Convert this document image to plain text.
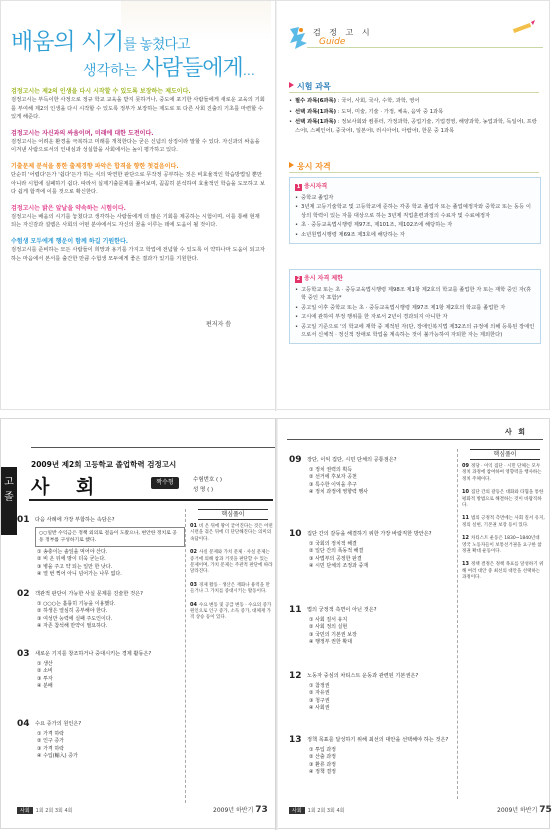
배움의 시기를 놓쳤다고
생각하는 사람들에게…
검정고시는 제2의 인생을 다시 시작할 수 있도록 보장하는 제도이다.
검정고시는 부득이한 사정으로 정규 학교 교육을 받지 못하거나, 중도에 포기한 사람들에게 새로운 교육의 기회를 부여해 제2의 인생을 다시 시작할 수 있도록 정부가 보장하는 제도로 또 다른 사회 진출의 기초를 마련할 수 있게 해준다.
검정고시는 자신과의 싸움이며, 미래에 대한 도전이다.
검정고시는 어려운 환경을 극복하고 미래를 개척한다는 굳은 신념의 상징이라 말할 수 있다. 자신과의 싸움을 이겨낸 사람으로서의 인내심과 성실함을 사회에서는 높이 평가하고 있다.
기출문제 분석을 통한 출제경향 파악은 합격을 향한 첫걸음이다.
단순히 '어렵다'든가 '쉽다'든가 하는 식의 막연한 판단으로 무작정 공부하는 것은 비효율적인 학습방법일 뿐만 아니라 시험에 실패하기 쉽다. 따라서 실제기출문제를 풀어보며, 꼼꼼히 분석하여 효율적인 학습을 도모하고 보다 쉽게 합격에 이를 것으로 확신한다.
검정고시는 밝은 앞날을 약속하는 시험이다.
검정고시는 배움의 시기를 놓쳤다고 생각하는 사람들에게 더 많은 기회를 제공하는 시험이며, 이를 통해 현재 되는 자신감과 설렘은 사회의 어떤 분야에서도 자신의 꿈을 이루는 데에 도움이 될 것이다.
수험생 모두에게 행운이 함께 하길 기원한다.
검정고시를 준비하는 모든 사람들이 희망과 용기를 가지고 학업에 전념할 수 있도록 이 약하나마 도움이 되고자 하는 마음에서 본서를 출간한 만큼 수험생 모두에게 좋은 결과가 있기를 기원한다.
편저자 씀
검 정 고 시
Guide
시험 과목
• 필수 과목(6과목) : 국어, 사회, 국사, 수학, 과학, 영어
• 선택 과목(1과목) : 도덕, 미술, 기술 · 가정, 체육, 음악 중 1과목
• 선택 과목(1과목) : 정보사회와 컴퓨터, 가정과학, 공업기술, 기업경영, 해양과학, 농업과학, 독일어I, 프랑스어I, 스페인어I, 중국어I, 일본어I, 러시아어I, 아랍어I, 한문 중 1과목
응시 자격
1 응시자격
• 중학교 졸업자
• 3년제 고등기술학교 및 고등학교에 준하는 각종 학교 졸업자 또는 졸업예정자와 중학교 또는 동등 이상의 학력이 있는 자를 대상으로 하는 3년제 직업훈련과정의 수료자 및 수료예정자
• 초 · 중등교육법시행령 제97조, 제101조, 제102조에 해당하는 자
• 소년원법시행령 제69조 제3호에 해당하는 자
2 응시 자격 제한
• 고등학교 또는 초 · 중등교육법시행령 제98조 제1항 제2호의 학교를 졸업한 자 또는 재학 중인 자(휴학 중인 자 포함)*
• 공고일 이후 중학교 또는 초 · 중등교육법시행령 제97조 제1항 제2호의 학교를 졸업한 자
• 고시에 관하여 부정 행위를 한 자로서 2년이 경과되지 아니한 자
• 공고일 기준으로 '의 학교에 재학 중 제적된 자(단, 장애인복지법 제32조의 규정에 의해 등록된 장애인으로서 신체적 · 정신적 장애로 학업을 계속하는 것이 불가능하여 자퇴한 자는 제외한다)
고
졸
2009년 제2회 고등학교 졸업학력 검정고시
사 회	짝수형	수험번호 ( )
성 명 ( )
01 다음 사례에 가장 부합하는 속담은?
○○일반 수익금은 정책 외의로 걸음이 도왔으나, 현안한 정치로 공동 정부를 구성하기로 했다.
① 송충이는 솔잎을 먹어야 산다.
② 비 온 뒤에 땅이 더욱 굳는다.
③ 병을 주고 약 되는 일만 한 낫다.
④ 열 번 찍어 아니 넘어가는 나무 없다.
02 객관적 판단이 가능한 사실 문제를 진술한 것은?
① ○○○는 훌륭히 기능을 이용했다.
② 하생은 열심히 공부해야 한다.
③ 여성만 능력에 실패 주도인이다.
④ 자존 참석해 만약이 필요하다.
03 새로운 기지를 창조하거나 중대시키는 경제 활동은?
① 생산
② 소비
③ 투자
④ 분배
04 수요 증가의 원인은?
① 가격 하락
② 인구 증가
③ 가격 하락
④ 수입(輸入) 증가
핵심풀이
01 비 온 뒤에 땅이 굳어진다는 것은 어떤 시련을 겪은 뒤에 더 단단해진다는 의미의 속담이다.
02 사실 문제와 가치 문제 · 사실 문제는 증거에 의해 참과 거짓을 판단할 수 있는 문제이며, 가치 문제는 주관적 판단에 따라 달라진다.
03 경제 활동 · 생산은 재화나 용역을 만들거나 그 가치를 증대시키는 활동이다.
04 수요 변동 및 공급 변동 · 수요의 증가 원인으로 인구 증가, 소득 증가, 대체재 가격 상승 등이 있다.
사회 1회 2회 3회 4회	2009년 하반기 73
사 회
09 장단, 이익 집단, 시민 단체의 공통점은?
① 정치 권력의 획득
② 선거에 후보자 공천
③ 특수한 이익을 추구
④ 정치 과정에 영향력 행사
10 집단 간의 갈등을 해결하기 위한 가장 바람직한 방안은?
① 국회의 정치적 해결
② 일단 간의 폭동적 해결
③ 사법부의 공정한 판결
④ 시민 단체의 조정과 중재
11 법의 궁정적 측면이 아닌 것은?
① 사회 질서 유지
② 사회 정의 실현
③ 국민의 기본권 보장
④ 행정부 권한 확대
12 노동자 중심의 차티스트 운동과 관련된 기본권은?
① 참정권
② 자유권
③ 청구권
④ 사회권
13 정책 목표를 달성하기 위해 최선의 대안을 선택해야 하는 것은?
① 투입 과정
② 산출 과정
③ 환류 과정
④ 정책 결정
핵심풀이
09 정당 · 이익 집단 · 시민 단체는 모두 정치 과정에 참여하여 영향력을 행사하는 정치 주체이다.
10 집단 간의 갈등은 대화와 타협을 통한 평화적 방법으로 해결하는 것이 바람직하다.
11 법의 긍정적 측면에는 사회 질서 유지, 정의 실현, 기본권 보장 등이 있다.
12 차티스트 운동은 1830~1840년대 영국 노동자들이 보통선거권을 요구한 참정권 확대 운동이다.
13 정책 결정은 정책 목표를 달성하기 위해 여러 대안 중 최선의 대안을 선택하는 과정이다.
사회 1회 2회 3회 4회	2009년 하반기 75
